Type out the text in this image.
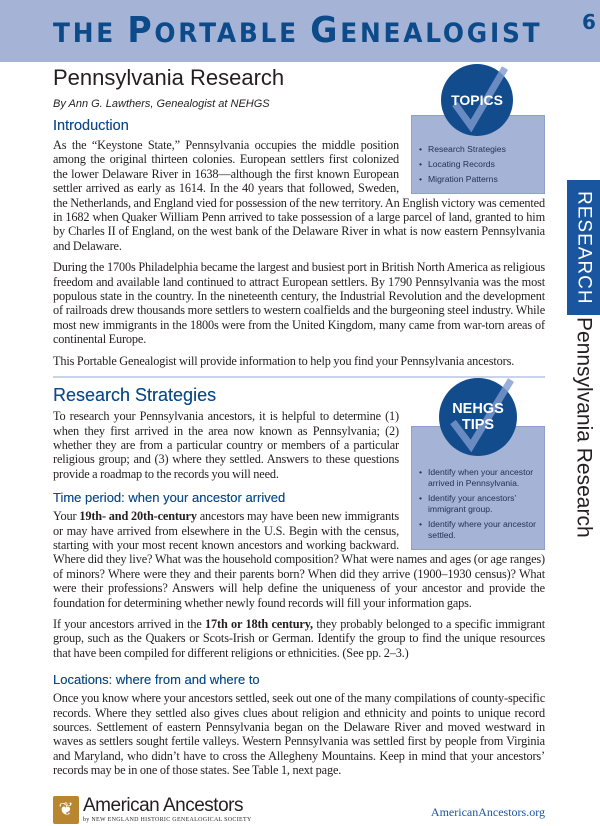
THE PORTABLE GENEALOGIST 6
RESEARCH
Pennsylvania Research
TOPICS
• Research Strategies
• Locating Records
• Migration Patterns
Pennsylvania Research
By Ann G. Lawthers, Genealogist at NEHGS
Introduction

As the “Keystone State,” Pennsylvania occupies the middle position among the original thirteen colonies. European settlers first colonized the lower Delaware River in 1638—although the first known European settler arrived as early as 1614. In the 40 years that followed, Sweden, the Netherlands, and England vied for possession of the new territory. An English victory was cemented in 1682 when Quaker William Penn arrived to take possession of a large parcel of land, granted to him by Charles II of England, on the west bank of the Delaware River in what is now eastern Pennsylvania and Delaware.

During the 1700s Philadelphia became the largest and busiest port in British North America as religious freedom and available land continued to attract European settlers. By 1790 Pennsylvania was the most populous state in the country. In the nineteenth century, the Industrial Revolution and the development of railroads drew thousands more settlers to western coalfields and the burgeoning steel industry. While most new immigrants in the 1800s were from the United Kingdom, many came from war-torn areas of continental Europe.

This Portable Genealogist will provide information to help you find your Pennsylvania ancestors.

NEHGS
TIPS
• Identify when your ancestor arrived in Pennsylvania.
• Identify your ancestors’ immigrant group.
• Identify where your ancestor settled.
Research Strategies

To research your Pennsylvania ancestors, it is helpful to determine (1) when they first arrived in the area now known as Pennsylvania; (2) whether they are from a particular country or members of a particular religious group; and (3) where they settled. Answers to these questions provide a roadmap to the records you will need.

Time period: when your ancestor arrived

Your 19th- and 20th-century ancestors may have been new immigrants or may have arrived from elsewhere in the U.S. Begin with the census, starting with your most recent known ancestors and working backward. Where did they live? What was the household composition? What were names and ages (or age ranges) of minors? Where were they and their parents born? When did they arrive (1900–1930 census)? What were their professions? Answers will help define the uniqueness of your ancestor and provide the foundation for determining whether newly found records will fill your information gaps.

If your ancestors arrived in the 17th or 18th century, they probably belonged to a specific immigrant group, such as the Quakers or Scots-Irish or German. Identify the group to find the unique resources that have been compiled for different religions or ethnicities. (See pp. 2–3.)

Locations: where from and where to

Once you know where your ancestors settled, seek out one of the many compilations of county-specific records. Where they settled also gives clues about religion and ethnicity and points to unique record sources. Settlement of eastern Pennsylvania began on the Delaware River and moved westward in waves as settlers sought fertile valleys. Western Pennsylvania was settled first by people from Virginia and Maryland, who didn’t have to cross the Allegheny Mountains. Keep in mind that your ancestors’ records may be in one of those states. See Table 1, next page.

❦ American Ancestors
by NEW ENGLAND HISTORIC GENEALOGICAL SOCIETY
AmericanAncestors.org
